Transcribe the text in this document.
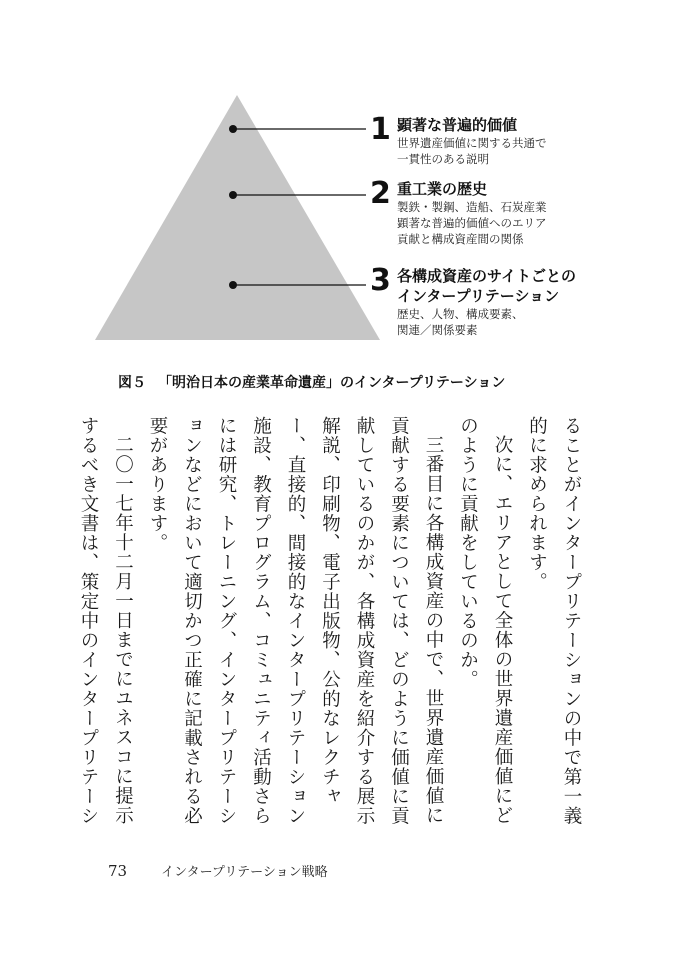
1 顕著な普遍的価値
世界遺産価値に関する共通で
一貫性のある説明
2 重工業の歴史
製鉄・製鋼、造船、石炭産業
顕著な普遍的価値へのエリア
貢献と構成資産間の関係
3 各構成資産のサイトごとの
インタープリテーション
歴史、人物、構成要素、
関連／関係要素
図５ 「明治日本の産業革命遺産」のインタープリテーション

ることがインタープリテーションの中で第一義的に求められます。

次に、エリアとして全体の世界遺産価値にどのように貢献をしているのか。

三番目に各構成資産の中で、世界遺産価値に貢献する要素については、どのように価値に貢献しているのかが、各構成資産を紹介する展示解説、印刷物、電子出版物、公的なレクチャー、直接的、間接的なインタープリテーション施設、教育プログラム、コミュニティ活動さらには研究、トレーニング、インタープリテーションなどにおいて適切かつ正確に記載される必要があります。

二〇一七年十二月一日までにユネスコに提示するべき文書は、策定中のインタープリテーシ

73	インタープリテーション戦略
